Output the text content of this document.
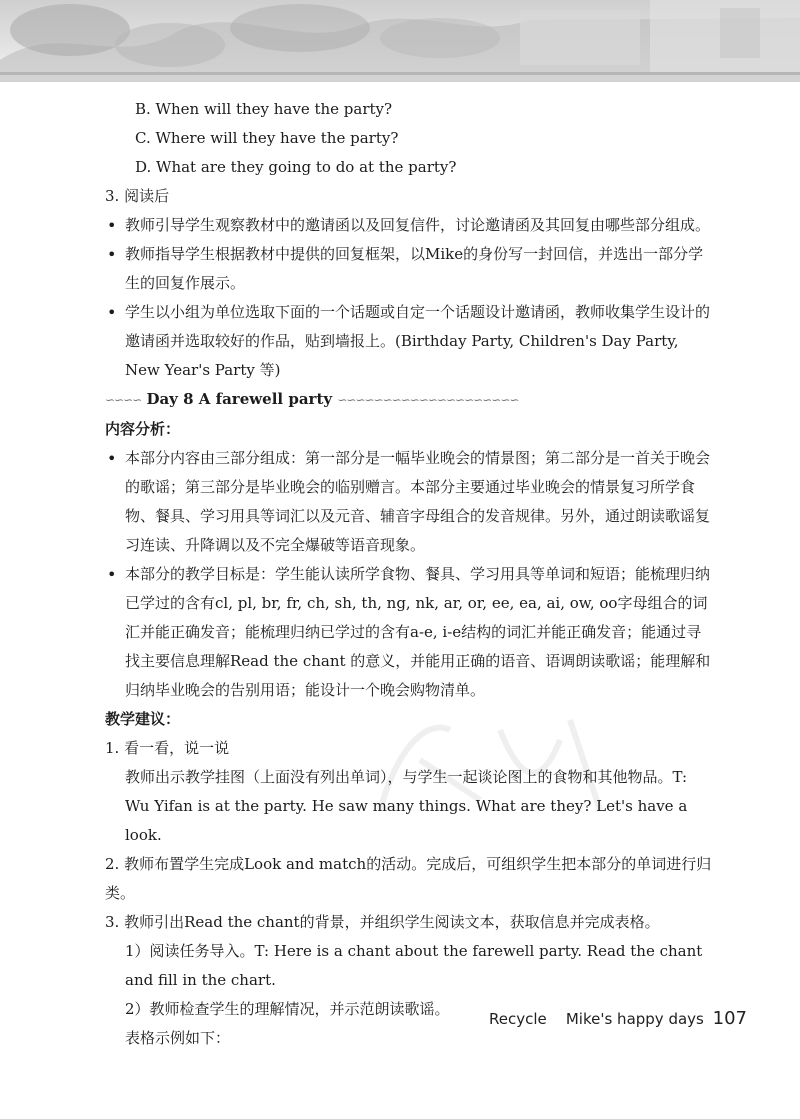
B. When will they have the party?
C. Where will they have the party?
D. What are they going to do at the party?
3. 阅读后
• 教师引导学生观察教材中的邀请函以及回复信件，讨论邀请函及其回复由哪些部分组成。
• 教师指导学生根据教材中提供的回复框架，以Mike的身份写一封回信，并选出一部分学生的回复作展示。
• 学生以小组为单位选取下面的一个话题或自定一个话题设计邀请函，教师收集学生设计的邀请函并选取较好的作品，贴到墙报上。(Birthday Party, Children's Day Party, New Year's Party 等)
∽∽∽∽ Day 8 A farewell party ∽∽∽∽∽∽∽∽∽∽∽∽∽∽∽∽∽∽∽∽
内容分析：
• 本部分内容由三部分组成：第一部分是一幅毕业晚会的情景图；第二部分是一首关于晚会的歌谣；第三部分是毕业晚会的临别赠言。本部分主要通过毕业晚会的情景复习所学食物、餐具、学习用具等词汇以及元音、辅音字母组合的发音规律。另外，通过朗读歌谣复习连读、升降调以及不完全爆破等语音现象。
• 本部分的教学目标是：学生能认读所学食物、餐具、学习用具等单词和短语；能梳理归纳已学过的含有cl, pl, br, fr, ch, sh, th, ng, nk, ar, or, ee, ea, ai, ow, oo字母组合的词汇并能正确发音；能梳理归纳已学过的含有a-e, i-e结构的词汇并能正确发音；能通过寻找主要信息理解Read the chant 的意义，并能用正确的语音、语调朗读歌谣；能理解和归纳毕业晚会的告别用语；能设计一个晚会购物清单。
教学建议：
1. 看一看，说一说
教师出示教学挂图（上面没有列出单词），与学生一起谈论图上的食物和其他物品。T: Wu Yifan is at the party. He saw many things. What are they? Let's have a look.
2. 教师布置学生完成Look and match的活动。完成后，可组织学生把本部分的单词进行归类。
3. 教师引出Read the chant的背景，并组织学生阅读文本，获取信息并完成表格。
1）阅读任务导入。T: Here is a chant about the farewell party. Read the chant and fill in the chart.
2）教师检查学生的理解情况，并示范朗读歌谣。
表格示例如下：
Recycle Mike's happy days 107
